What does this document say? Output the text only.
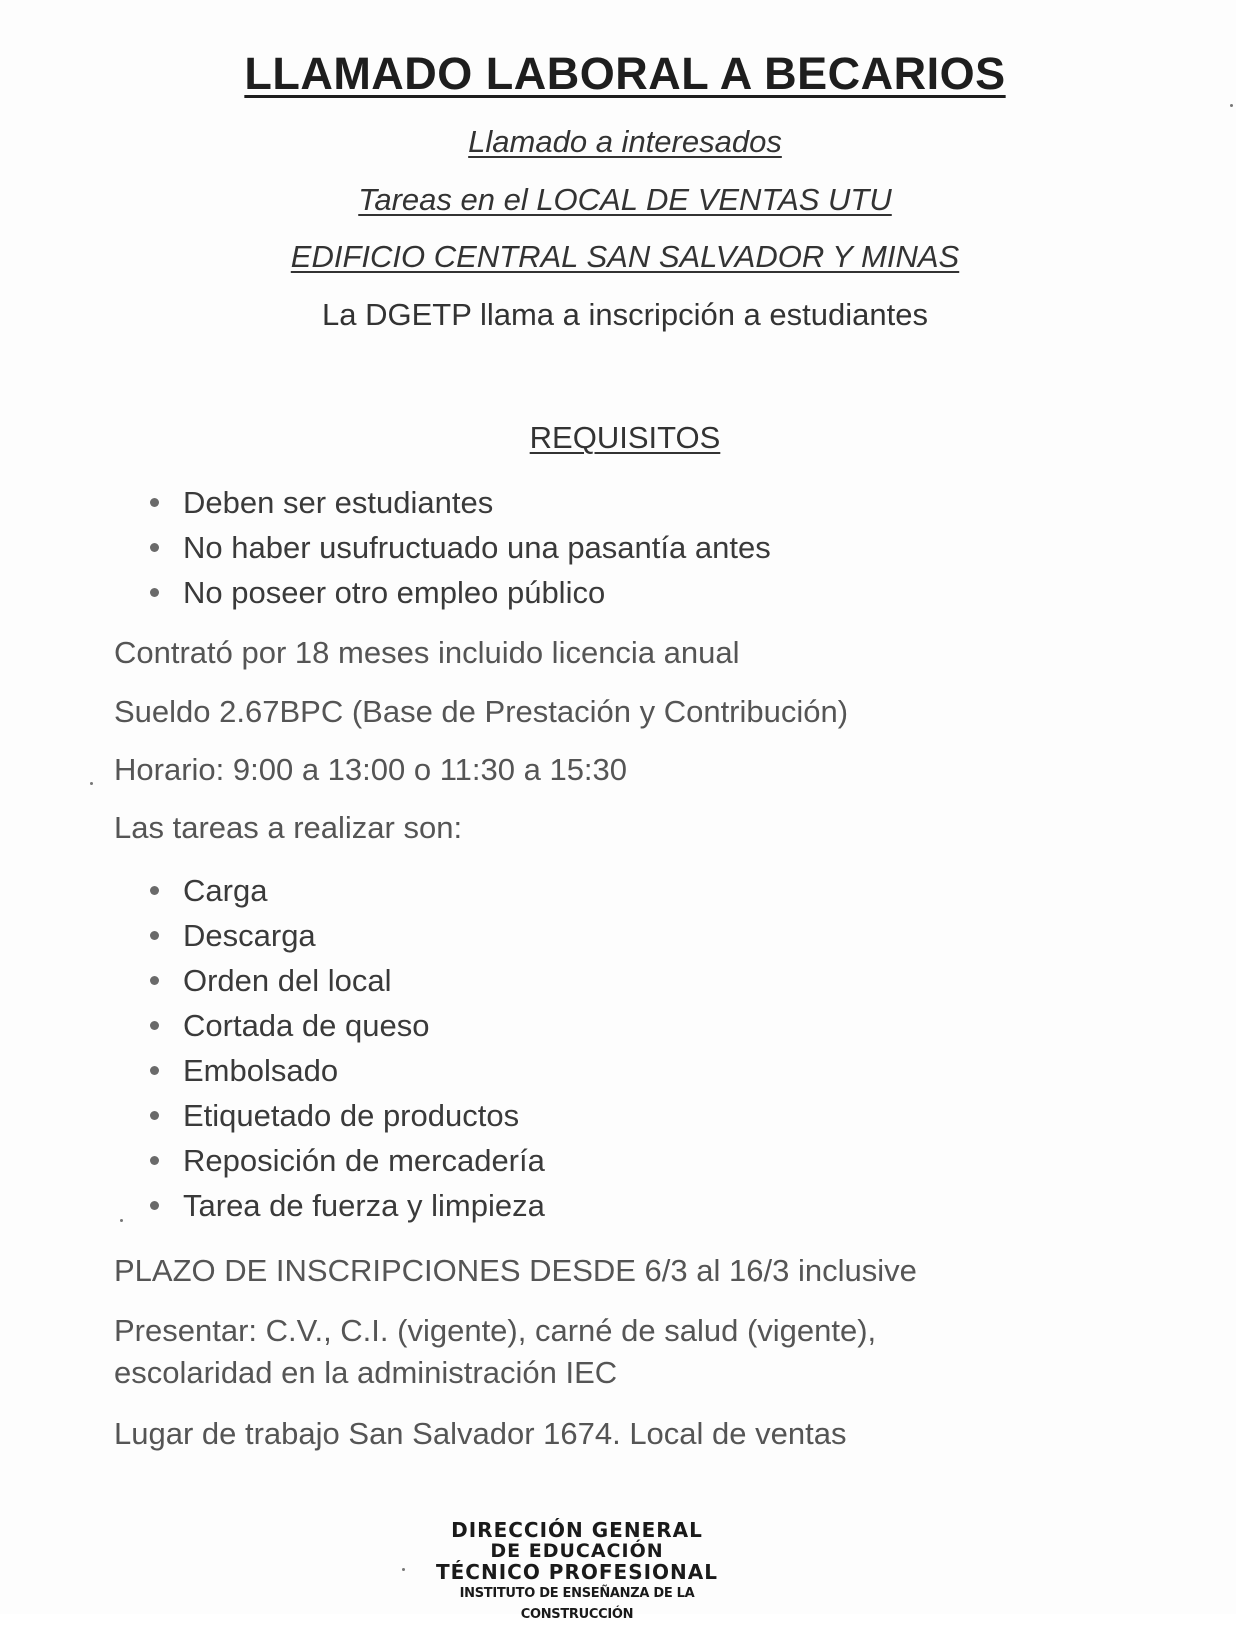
LLAMADO LABORAL A BECARIOS
Llamado a interesados
Tareas en el LOCAL DE VENTAS UTU
EDIFICIO CENTRAL SAN SALVADOR Y MINAS
La DGETP llama a inscripción a estudiantes
REQUISITOS
Deben ser estudiantes
No haber usufructuado una pasantía antes
No poseer otro empleo público
Contrató por 18 meses incluido licencia anual
Sueldo 2.67BPC (Base de Prestación y Contribución)
Horario: 9:00 a 13:00 o 11:30 a 15:30
Las tareas a realizar son:
Carga
Descarga
Orden del local
Cortada de queso
Embolsado
Etiquetado de productos
Reposición de mercadería
Tarea de fuerza y limpieza
PLAZO DE INSCRIPCIONES DESDE 6/3 al 16/3 inclusive
Presentar: C.V., C.I. (vigente), carné de salud (vigente),
escolaridad en la administración IEC
Lugar de trabajo San Salvador 1674. Local de ventas
DIRECCIÓN GENERAL
DE EDUCACIÓN
TÉCNICO PROFESIONAL
INSTITUTO DE ENSEÑANZA DE LA CONSTRUCCIÓN
